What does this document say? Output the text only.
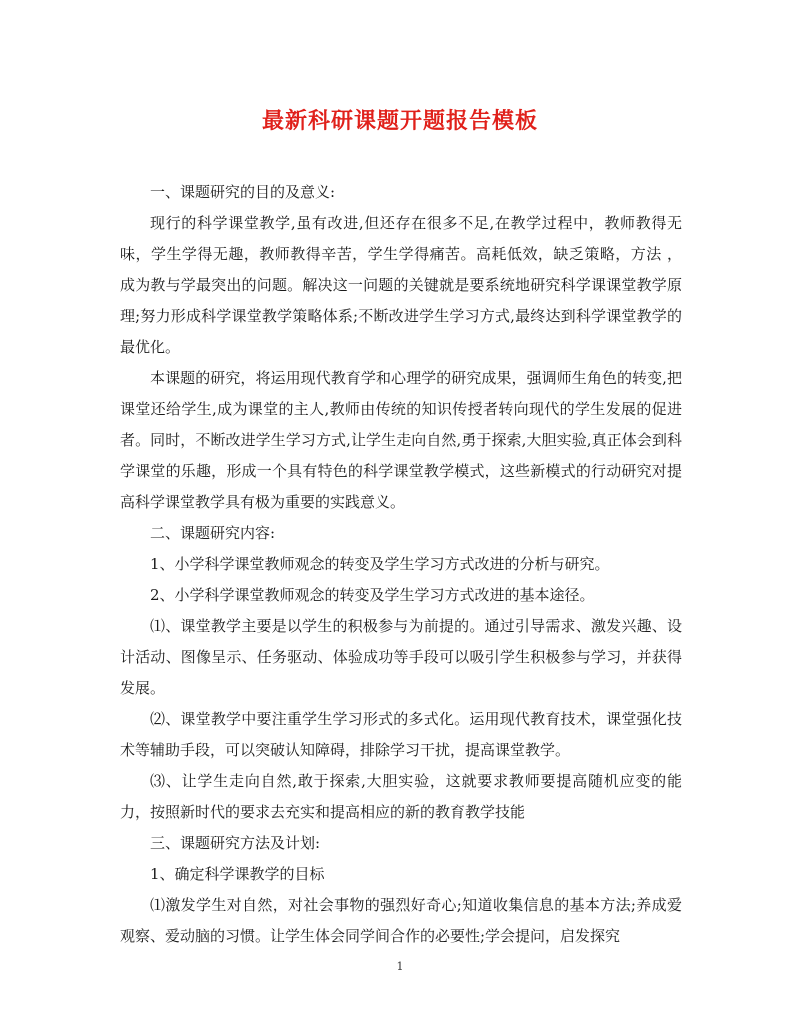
最新科研课题开题报告模板

一、课题研究的目的及意义:

现行的科学课堂教学,虽有改进,但还存在很多不足,在教学过程中，教师教得无味，学生学得无趣，教师教得辛苦，学生学得痛苦。高耗低效，缺乏策略，方法 ， 成为教与学最突出的问题。解决这一问题的关键就是要系统地研究科学课课堂教学原理;努力形成科学课堂教学策略体系;不断改进学生学习方式,最终达到科学课堂教学的最优化。

本课题的研究，将运用现代教育学和心理学的研究成果，强调师生角色的转变,把课堂还给学生,成为课堂的主人,教师由传统的知识传授者转向现代的学生发展的促进者。同时，不断改进学生学习方式,让学生走向自然,勇于探索,大胆实验,真正体会到科学课堂的乐趣，形成一个具有特色的科学课堂教学模式，这些新模式的行动研究对提高科学课堂教学具有极为重要的实践意义。

二、课题研究内容:

1、小学科学课堂教师观念的转变及学生学习方式改进的分析与研究。

2、小学科学课堂教师观念的转变及学生学习方式改进的基本途径。

⑴、课堂教学主要是以学生的积极参与为前提的。通过引导需求、激发兴趣、设计活动、图像呈示、任务驱动、体验成功等手段可以吸引学生积极参与学习，并获得发展。

⑵、课堂教学中要注重学生学习形式的多式化。运用现代教育技术，课堂强化技术等辅助手段，可以突破认知障碍，排除学习干扰，提高课堂教学。

⑶、让学生走向自然,敢于探索,大胆实验，这就要求教师要提高随机应变的能力，按照新时代的要求去充实和提高相应的新的教育教学技能

三、课题研究方法及计划:

1、确定科学课教学的目标

⑴激发学生对自然，对社会事物的强烈好奇心;知道收集信息的基本方法;养成爱观察、爱动脑的习惯。让学生体会同学间合作的必要性;学会提问，启发探究

1
